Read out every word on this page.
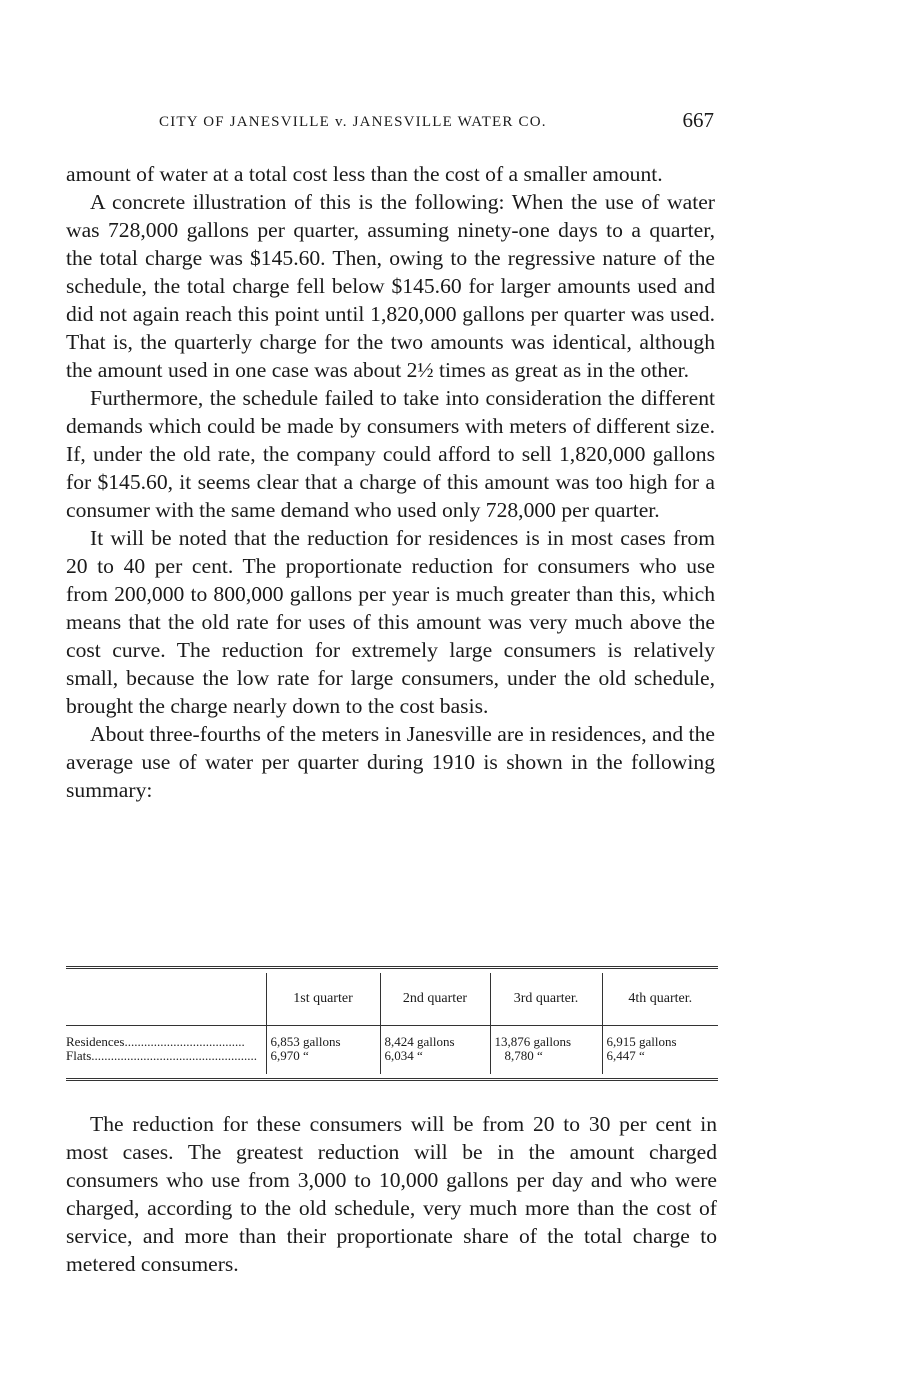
CITY OF JANESVILLE v. JANESVILLE WATER CO.	667

amount of water at a total cost less than the cost of a smaller amount.

A concrete illustration of this is the following: When the use of water was 728,000 gallons per quarter, assuming ninety-one days to a quarter, the total charge was $145.60. Then, owing to the regressive nature of the schedule, the total charge fell below $145.60 for larger amounts used and did not again reach this point until 1,820,000 gallons per quarter was used. That is, the quarterly charge for the two amounts was identical, although the amount used in one case was about 2½ times as great as in the other.

Furthermore, the schedule failed to take into consideration the different demands which could be made by consumers with meters of different size. If, under the old rate, the company could afford to sell 1,820,000 gallons for $145.60, it seems clear that a charge of this amount was too high for a consumer with the same demand who used only 728,000 per quarter.

It will be noted that the reduction for residences is in most cases from 20 to 40 per cent. The proportionate reduction for consumers who use from 200,000 to 800,000 gallons per year is much greater than this, which means that the old rate for uses of this amount was very much above the cost curve. The reduction for extremely large consumers is relatively small, because the low rate for large consumers, under the old schedule, brought the charge nearly down to the cost basis.

About three-fourths of the meters in Janesville are in residences, and the average use of water per quarter during 1910 is shown in the following summary:

	1st quarter	2nd quarter	3rd quarter.	4th quarter.
Residences.....................................	6,853 gallons	8,424 gallons	13,876 gallons	6,915 gallons
Flats...................................................	6,970 “	6,034 “	8,780 “	6,447 “

The reduction for these consumers will be from 20 to 30 per cent in most cases. The greatest reduction will be in the amount charged consumers who use from 3,000 to 10,000 gallons per day and who were charged, according to the old schedule, very much more than the cost of service, and more than their proportionate share of the total charge to metered consumers.
